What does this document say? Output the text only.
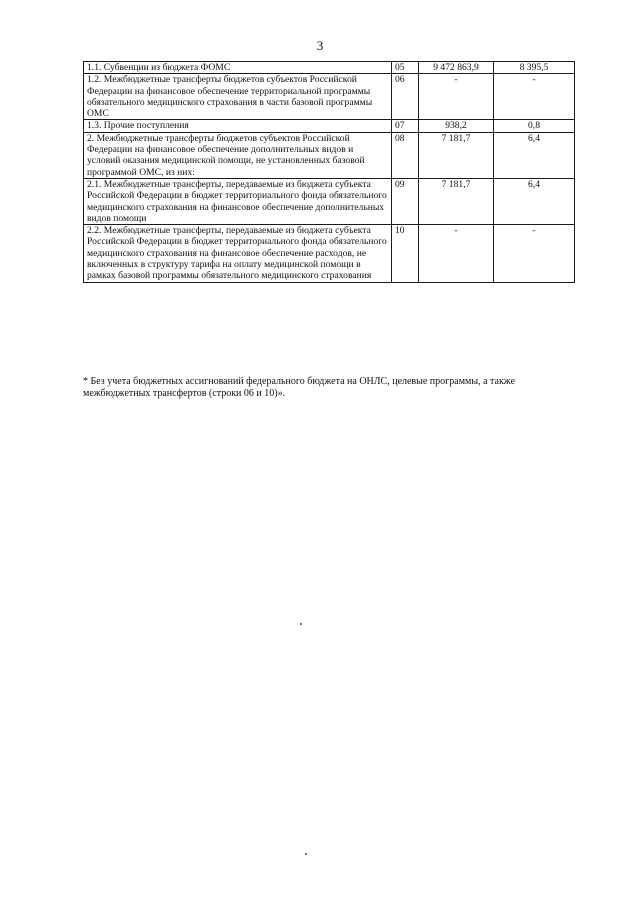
3
1.1. Субвенции из бюджета ФОМС	05	9 472 863,9	8 395,5
1.2. Межбюджетные трансферты бюджетов субъектов Российской Федерации на финансовое обеспечение территориальной программы обязательного медицинского страхования в части базовой программы ОМС	06	-	-
1.3. Прочие поступления	07	938,2	0,8
2. Межбюджетные трансферты бюджетов субъектов Российской Федерации на финансовое обеспечение дополнительных видов и условий оказания медицинской помощи, не установленных базовой программой ОМС, из них:	08	7 181,7	6,4
2.1. Межбюджетные трансферты, передаваемые из бюджета субъекта Российской Федерации в бюджет территориального фонда обязательного медицинского страхования на финансовое обеспечение дополнительных видов помощи	09	7 181,7	6,4
2.2. Межбюджетные трансферты, передаваемые из бюджета субъекта Российской Федерации в бюджет территориального фонда обязательного медицинского страхования на финансовое обеспечение расходов, не включенных в структуру тарифа на оплату медицинской помощи в рамках базовой программы обязательного медицинского страхования	10	-	-
* Без учета бюджетных ассигнований федерального бюджета на ОНЛС, целевые программы, а также межбюджетных трансфертов (строки 06 и 10)».
